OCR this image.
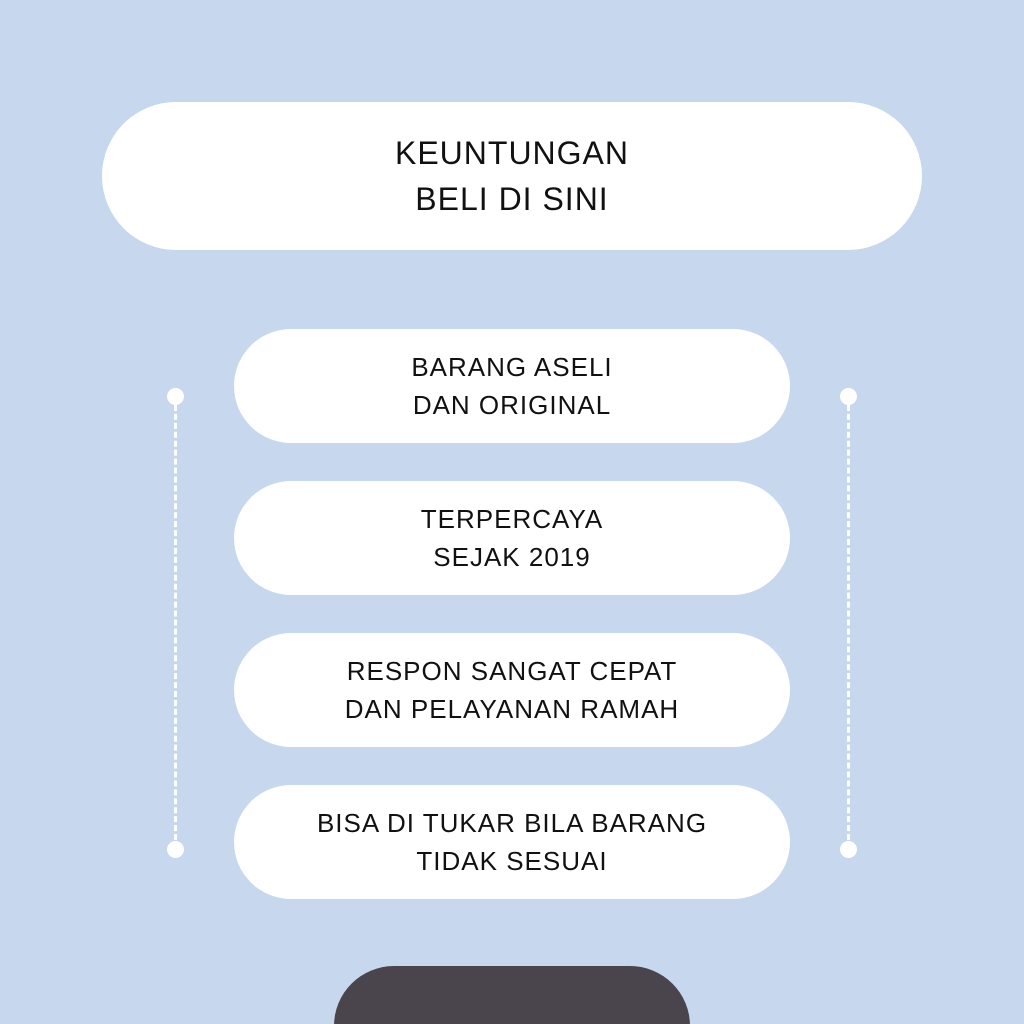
KEUNTUNGAN
BELI DI SINI
BARANG ASELI
DAN ORIGINAL
TERPERCAYA
SEJAK 2019
RESPON SANGAT CEPAT
DAN PELAYANAN RAMAH
BISA DI TUKAR BILA BARANG
TIDAK SESUAI
